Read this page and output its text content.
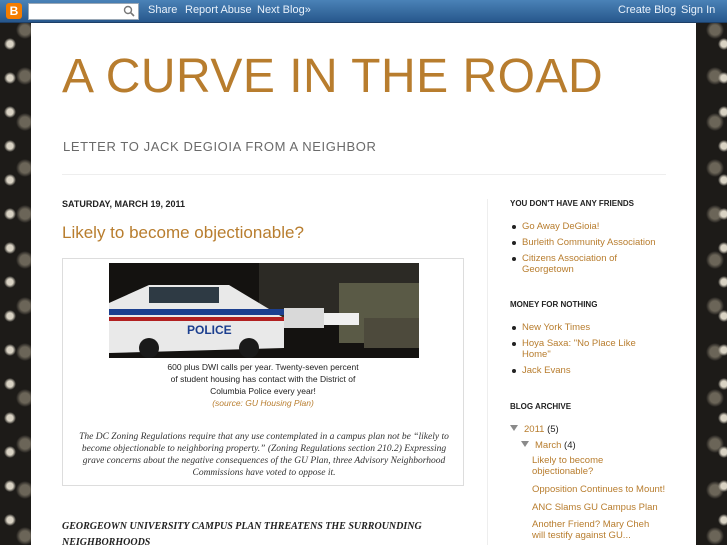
B	Share Report Abuse Next Blog»	Create Blog Sign In
A CURVE IN THE ROAD
LETTER TO JACK DEGIOIA FROM A NEIGHBOR
SATURDAY, MARCH 19, 2011
Likely to become objectionable?
POLICE
600 plus DWI calls per year. Twenty-seven percent of student housing has contact with the District of Columbia Police every year!
(source: GU Housing Plan)
The DC Zoning Regulations require that any use contemplated in a campus plan not be “likely to become objectionable to neighboring property.” (Zoning Regulations section 210.2) Expressing grave concerns about the negative consequences of the GU Plan, three Advisory Neighborhood Commissions have voted to oppose it.
GEORGEOWN UNIVERSITY CAMPUS PLAN THREATENS THE SURROUNDING NEIGHBORHOODS
YOU DON'T HAVE ANY FRIENDS
Go Away DeGioia!
Burleith Community Association
Citizens Association of Georgetown
MONEY FOR NOTHING
New York Times
Hoya Saxa: "No Place Like Home"
Jack Evans
BLOG ARCHIVE
2011 (5)
March (4)
Likely to become objectionable?
Opposition Continues to Mount!
ANC Slams GU Campus Plan
Another Friend? Mary Cheh will testify against GU...
